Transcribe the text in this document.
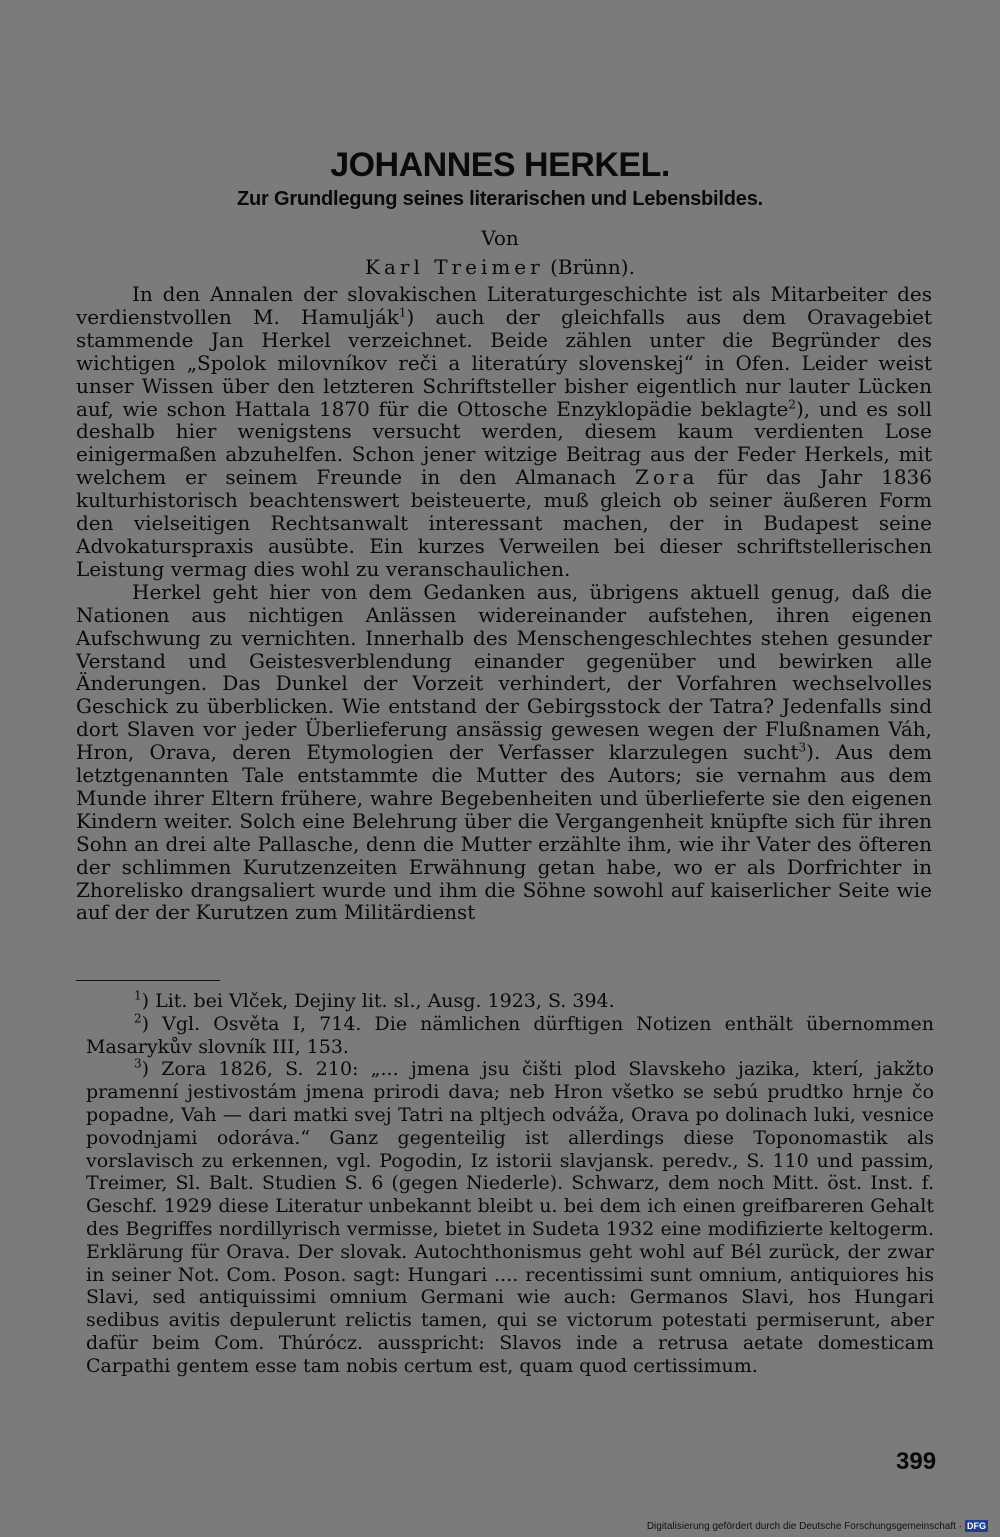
JOHANNES HERKEL.
Zur Grundlegung seines literarischen und Lebensbildes.
Von
Karl Treimer (Brünn).

In den Annalen der slovakischen Literaturgeschichte ist als Mitarbeiter des verdienstvollen M. Hamulják$^1$) auch der gleichfalls aus dem Oravagebiet stammende Jan Herkel verzeichnet. Beide zählen unter die Begründer des wichtigen „Spolok milovníkov reči a literatúry slovenskej“ in Ofen. Leider weist unser Wissen über den letzteren Schriftsteller bisher eigentlich nur lauter Lücken auf, wie schon Hattala 1870 für die Ottosche Enzyklopädie beklagte$^2$), und es soll deshalb hier wenigstens versucht werden, diesem kaum verdienten Lose einigermaßen abzuhelfen. Schon jener witzige Beitrag aus der Feder Herkels, mit welchem er seinem Freunde in den Almanach Zora für das Jahr 1836 kulturhistorisch beachtenswert beisteuerte, muß gleich ob seiner äußeren Form den vielseitigen Rechtsanwalt interessant machen, der in Budapest seine Advokaturspraxis ausübte. Ein kurzes Verweilen bei dieser schriftstellerischen Leistung vermag dies wohl zu veranschaulichen.

Herkel geht hier von dem Gedanken aus, übrigens aktuell genug, daß die Nationen aus nichtigen Anlässen widereinander aufstehen, ihren eigenen Aufschwung zu vernichten. Innerhalb des Menschengeschlechtes stehen gesunder Verstand und Geistesverblendung einander gegenüber und bewirken alle Änderungen. Das Dunkel der Vorzeit verhindert, der Vorfahren wechselvolles Geschick zu überblicken. Wie entstand der Gebirgsstock der Tatra? Jedenfalls sind dort Slaven vor jeder Überlieferung ansässig gewesen wegen der Flußnamen Váh, Hron, Orava, deren Etymologien der Verfasser klarzulegen sucht$^3$). Aus dem letztgenannten Tale entstammte die Mutter des Autors; sie vernahm aus dem Munde ihrer Eltern frühere, wahre Begebenheiten und überlieferte sie den eigenen Kindern weiter. Solch eine Belehrung über die Vergangenheit knüpfte sich für ihren Sohn an drei alte Pallasche, denn die Mutter erzählte ihm, wie ihr Vater des öfteren der schlimmen Kurutzenzeiten Erwähnung getan habe, wo er als Dorfrichter in Zhorelisko drangsaliert wurde und ihm die Söhne sowohl auf kaiserlicher Seite wie auf der der Kurutzen zum Militärdienst

$^1$) Lit. bei Vlček, Dejiny lit. sl., Ausg. 1923, S. 394.

$^2$) Vgl. Osvěta I, 714. Die nämlichen dürftigen Notizen enthält übernommen Masarykův slovník III, 153.

$^3$) Zora 1826, S. 210: „... jmena jsu čišti plod Slavskeho jazika, kterí, jakžto pramenní jestivostám jmena prirodi dava; neb Hron všetko se sebú prudtko hrnje čo popadne, Vah — dari matki svej Tatri na pltjech odváža, Orava po dolinach luki, vesnice povodnjami odoráva.“ Ganz gegenteilig ist allerdings diese Toponomastik als vorslavisch zu erkennen, vgl. Pogodin, Iz istorii slavjansk. peredv., S. 110 und passim, Treimer, Sl. Balt. Studien S. 6 (gegen Niederle). Schwarz, dem noch Mitt. öst. Inst. f. Geschf. 1929 diese Literatur unbekannt bleibt u. bei dem ich einen greifbareren Gehalt des Begriffes nordillyrisch vermisse, bietet in Sudeta 1932 eine modifizierte keltogerm. Erklärung für Orava. Der slovak. Autochthonismus geht wohl auf Bél zurück, der zwar in seiner Not. Com. Poson. sagt: Hungari .... recentissimi sunt omnium, antiquiores his Slavi, sed antiquissimi omnium Germani wie auch: Germanos Slavi, hos Hungari sedibus avitis depulerunt relictis tamen, qui se victorum potestati permiserunt, aber dafür beim Com. Thúrócz. ausspricht: Slavos inde a retrusa aetate domesticam Carpathi gentem esse tam nobis certum est, quam quod certissimum.

399
Digitalisierung gefördert durch die Deutsche Forschungsgemeinschaft · DFG
